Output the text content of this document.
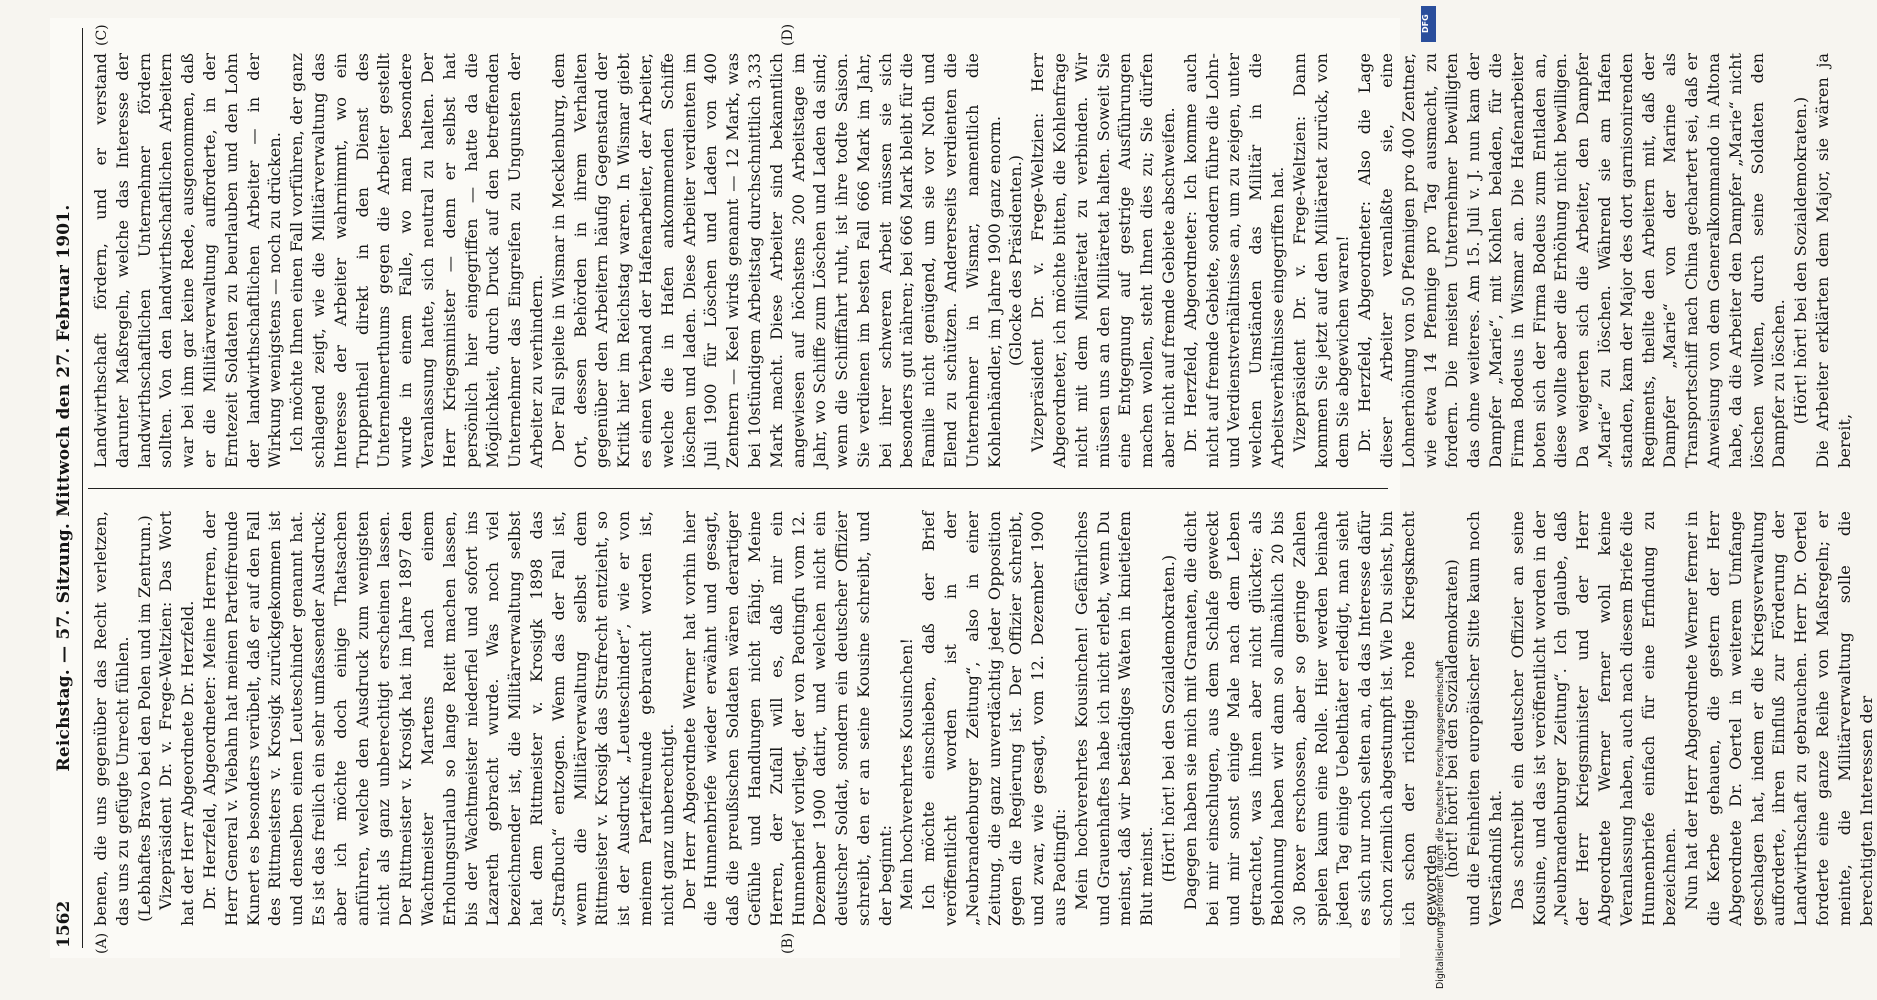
1562
Reichstag. — 57. Sitzung. Mittwoch den 27. Februar 1901.
(A)	(B)
(C)	(D)

benen, die uns gegenüber das Recht verletzen, das uns zu gefügte Unrecht fühlen. (Lebhaftes Bravo bei den Polen und im Zentrum.) Vizepräsident Dr. v. Frege-Weltzien: Das Wort hat der Herr Abgeordnete Dr. Herzfeld. Dr. Herzfeld, Abgeordneter: Meine Herren, der Herr General v. Viebahn hat meinen Parteifreunde Kunert es besonders verübelt, daß er auf den Fall des Rittmeisters v. Krosigk zurückgekommen ist und denselben einen Leuteschinder genannt hat. Es ist das freilich ein sehr umfassender Ausdruck; aber ich möchte doch einige Thatsachen anführen, welche den Ausdruck zum wenigsten nicht als ganz unberechtigt erscheinen lassen. Der Rittmeister v. Krosigk hat im Jahre 1897 den Wachtmeister Martens nach einem Erholungsurlaub so lange Reitt machen lassen, bis der Wachtmeister niederfiel und sofort ins Lazareth gebracht wurde. Was noch viel bezeichnender ist, die Militärverwaltung selbst hat dem Rittmeister v. Krosigk 1898 das „Strafbuch“ entzogen. Wenn das der Fall ist, wenn die Militärverwaltung selbst dem Rittmeister v. Krosigk das Strafrecht entzieht, so ist der Ausdruck „Leuteschinder“, wie er von meinem Parteifreunde gebraucht worden ist, nicht ganz unberechtigt. Der Herr Abgeordnete Werner hat vorhin hier die Hunnenbriefe wieder erwähnt und gesagt, daß die preußischen Soldaten wären derartiger Gefühle und Handlungen nicht fähig. Meine Herren, der Zufall will es, daß mir ein Hunnenbrief vorliegt, der von Paotingfu vom 12. Dezember 1900 datirt, und welchen nicht ein deutscher Soldat, sondern ein deutscher Offizier schreibt, den er an seine Kousine schreibt, und der beginnt: Mein hochverehrtes Kousinchen! Ich möchte einschieben, daß der Brief veröffentlicht worden ist in der „Neubrandenburger Zeitung“, also in einer Zeitung, die ganz unverdächtig jeder Opposition gegen die Regierung ist. Der Offizier schreibt, und zwar, wie gesagt, vom 12. Dezember 1900 aus Paotingfu: Mein hochverehrtes Kousinchen! Gefährliches und Grauenhaftes habe ich nicht erlebt, wenn Du meinst, daß wir beständiges Waten in knietiefem Blut meinst. (Hört! hört! bei den Sozialdemokraten.) Dagegen haben sie mich mit Granaten, die dicht bei mir einschlugen, aus dem Schlafe geweckt und mir sonst einige Male nach dem Leben getrachtet, was ihnen aber nicht glückte; als Belohnung haben wir dann so allmählich 20 bis 30 Boxer erschossen, aber so geringe Zahlen spielen kaum eine Rolle. Hier werden beinahe jeden Tag einige Uebelthäter erledigt, man sieht es sich nur noch selten an, da das Interesse dafür schon ziemlich abgestumpft ist. Wie Du siehst, bin ich schon der richtige rohe Kriegsknecht geworden

(hört! hört! bei den Sozialdemokraten) und die Feinheiten europäischer Sitte kaum noch Verständniß hat. Das schreibt ein deutscher Offizier an seine Kousine, und das ist veröffentlicht worden in der „Neubrandenburger Zeitung“. Ich glaube, daß der Herr Kriegsminister und der Herr Abgeordnete Werner ferner wohl keine Veranlassung haben, auch nach diesem Briefe die Hunnenbriefe einfach für eine Erfindung zu bezeichnen. Nun hat der Herr Abgeordnete Werner ferner in die Kerbe gehauen, die gestern der Herr Abgeordnete Dr. Oertel in weiterem Umfange geschlagen hat, indem er die Kriegsverwaltung aufforderte, ihren Einfluß zur Förderung der Landwirthschaft zu gebrauchen. Herr Dr. Oertel forderte eine ganze Reihe von Maßregeln; er meinte, die Militärverwaltung solle die berechtigten Interessen der

Landwirthschaft fördern, und er verstand darunter Maßregeln, welche das Interesse der landwirthschaftlichen Unternehmer fördern sollten. Von den landwirthschaftlichen Arbeitern war bei ihm gar keine Rede, ausgenommen, daß er die Militärverwaltung aufforderte, in der Erntezeit Soldaten zu beurlauben und den Lohn der landwirthschaftlichen Arbeiter — in der Wirkung wenigstens — noch zu drücken. Ich möchte Ihnen einen Fall vorführen, der ganz schlagend zeigt, wie die Militärverwaltung das Interesse der Arbeiter wahrnimmt, wo ein Truppentheil direkt in den Dienst des Unternehmerthums gegen die Arbeiter gestellt wurde in einem Falle, wo man besondere Veranlassung hatte, sich neutral zu halten. Der Herr Kriegsminister — denn er selbst hat persönlich hier eingegriffen — hatte da die Möglichkeit, durch Druck auf den betreffenden Unternehmer das Eingreifen zu Ungunsten der Arbeiter zu verhindern. Der Fall spielte in Wismar in Mecklenburg, dem Ort, dessen Behörden in ihrem Verhalten gegenüber den Arbeitern häufig Gegenstand der Kritik hier im Reichstag waren. In Wismar giebt es einen Verband der Hafenarbeiter, der Arbeiter, welche die in Hafen ankommenden Schiffe löschen und laden. Diese Arbeiter verdienten im Juli 1900 für Löschen und Laden von 400 Zentnern — Keel wirds genannt — 12 Mark, was bei 10stündigem Arbeitstag durchschnittlich 3,33 Mark macht. Diese Arbeiter sind bekanntlich angewiesen auf höchstens 200 Arbeitstage im Jahr, wo Schiffe zum Löschen und Laden da sind; wenn die Schifffahrt ruht, ist ihre todte Saison. Sie verdienen im besten Fall 666 Mark im Jahr, bei ihrer schweren Arbeit müssen sie sich besonders gut nähren; bei 666 Mark bleibt für die Familie nicht genügend, um sie vor Noth und Elend zu schützen. Andererseits verdienten die Unternehmer in Wismar, namentlich die Kohlenhändler, im Jahre 1900 ganz enorm. (Glocke des Präsidenten.) Vizepräsident Dr. v. Frege-Weltzien: Herr Abgeordneter, ich möchte bitten, die Kohlenfrage nicht mit dem Militäretat zu verbinden. Wir müssen uns an den Militäretat halten. Soweit Sie eine Entgegnung auf gestrige Ausführungen machen wollen, steht Ihnen dies zu; Sie dürfen aber nicht auf fremde Gebiete abschweifen. Dr. Herzfeld, Abgeordneter: Ich komme auch nicht auf fremde Gebiete, sondern führe die Lohn- und Verdienstverhältnisse an, um zu zeigen, unter welchen Umständen das Militär in die Arbeitsverhältnisse eingegriffen hat. Vizepräsident Dr. v. Frege-Weltzien: Dann kommen Sie jetzt auf den Militäretat zurück, von dem Sie abgewichen waren! Dr. Herzfeld, Abgeordneter: Also die Lage dieser Arbeiter veranlaßte sie, eine Lohnerhöhung von 50 Pfennigen pro 400 Zentner, wie etwa 14 Pfennige pro Tag ausmacht, zu fordern. Die meisten Unternehmer bewilligten das ohne weiteres. Am 15. Juli v. J. nun kam der Dampfer „Marie“, mit Kohlen beladen, für die Firma Bodeus in Wismar an. Die Hafenarbeiter boten sich der Firma Bodeus zum Entladen an, diese wollte aber die Erhöhung nicht bewilligen. Da weigerten sich die Arbeiter, den Dampfer „Marie“ zu löschen. Während sie am Hafen standen, kam der Major des dort garnisonirenden Regiments, theilte den Arbeitern mit, daß der Dampfer „Marie“ von der Marine als Transportschiff nach China gechartert sei, daß er Anweisung von dem Generalkommando in Altona habe, da die Arbeiter den Dampfer „Marie“ nicht löschen wollten, durch seine Soldaten den Dampfer zu löschen. (Hört! hört! bei den Sozialdemokraten.) Die Arbeiter erklärten dem Major, sie wären ja bereit,

DFG
Digitalisierung gefördert durch die Deutsche Forschungsgemeinschaft
